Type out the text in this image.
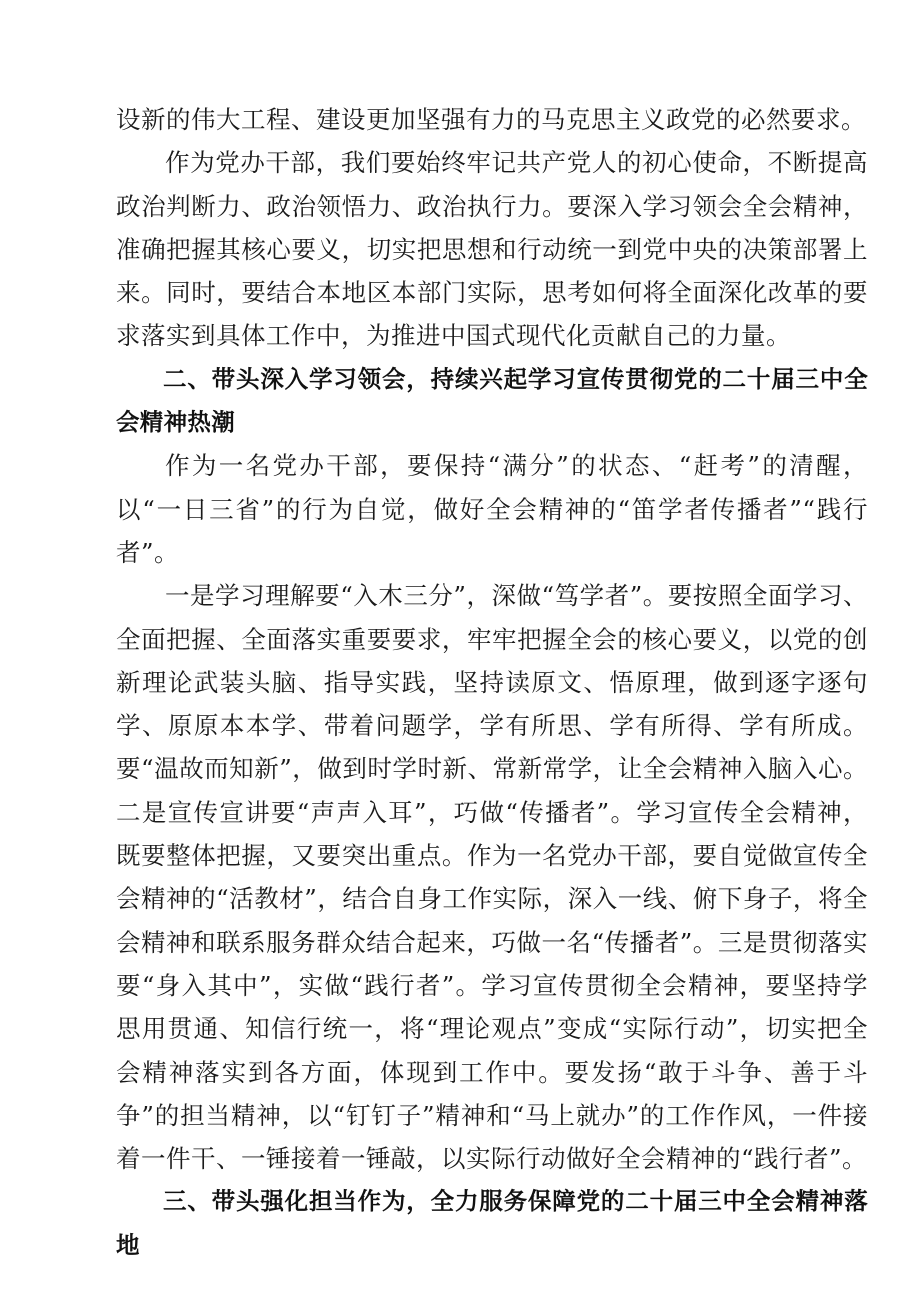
设新的伟大工程、建设更加坚强有力的马克思主义政党的必然要求。

作为党办干部，我们要始终牢记共产党人的初心使命，不断提高政治判断力、政治领悟力、政治执行力。要深入学习领会全会精神，准确把握其核心要义，切实把思想和行动统一到党中央的决策部署上来。同时，要结合本地区本部门实际，思考如何将全面深化改革的要求落实到具体工作中，为推进中国式现代化贡献自己的力量。

二、带头深入学习领会，持续兴起学习宣传贯彻党的二十届三中全会精神热潮

作为一名党办干部，要保持“满分”的状态、“赶考”的清醒，以“一日三省”的行为自觉，做好全会精神的“笛学者传播者”“践行者”。

一是学习理解要“入木三分”，深做“笃学者”。要按照全面学习、全面把握、全面落实重要要求，牢牢把握全会的核心要义，以党的创新理论武装头脑、指导实践，坚持读原文、悟原理，做到逐字逐句学、原原本本学、带着问题学，学有所思、学有所得、学有所成。要“温故而知新”，做到时学时新、常新常学，让全会精神入脑入心。二是宣传宣讲要“声声入耳”，巧做“传播者”。学习宣传全会精神，既要整体把握，又要突出重点。作为一名党办干部，要自觉做宣传全会精神的“活教材”，结合自身工作实际，深入一线、俯下身子，将全会精神和联系服务群众结合起来，巧做一名“传播者”。三是贯彻落实要“身入其中”，实做“践行者”。学习宣传贯彻全会精神，要坚持学思用贯通、知信行统一，将“理论观点”变成“实际行动”，切实把全会精神落实到各方面，体现到工作中。要发扬“敢于斗争、善于斗争”的担当精神，以“钉钉子”精神和“马上就办”的工作作风，一件接着一件干、一锤接着一锤敲，以实际行动做好全会精神的“践行者”。

三、带头强化担当作为，全力服务保障党的二十届三中全会精神落地
